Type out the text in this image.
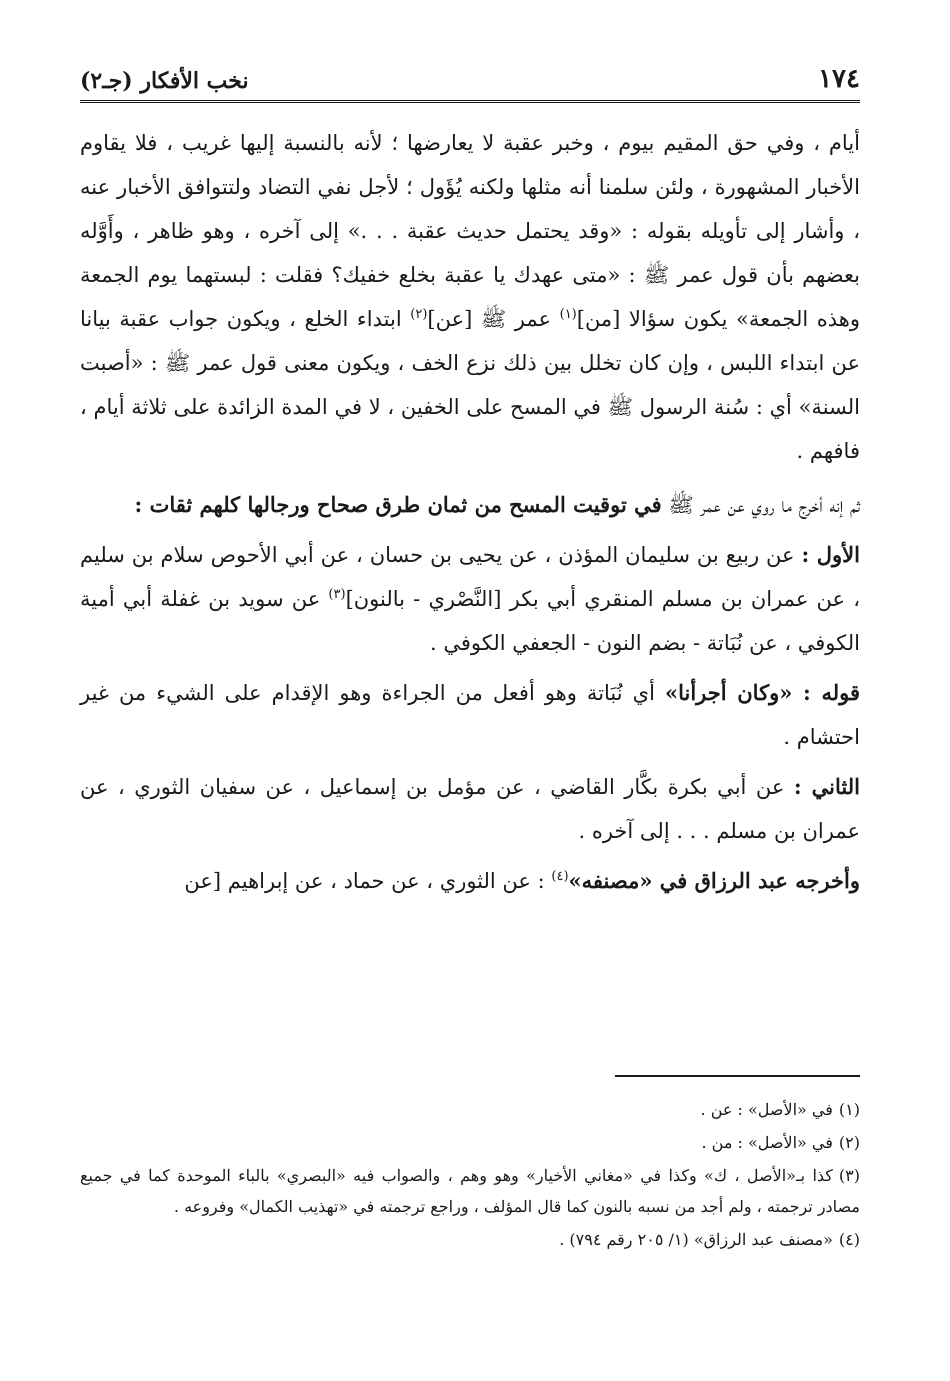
١٧٤
نخب الأفكار (جـ٢)

أيام ، وفي حق المقيم بيوم ، وخبر عقبة لا يعارضها ؛ لأنه بالنسبة إليها غريب ، فلا يقاوم الأخبار المشهورة ، ولئن سلمنا أنه مثلها ولكنه يُؤَول ؛ لأجل نفي التضاد ولتتوافق الأخبار عنه ، وأشار إلى تأويله بقوله : «وقد يحتمل حديث عقبة . . .» إلى آخره ، وهو ظاهر ، وأَوَّله بعضهم بأن قول عمر ﷺ : «متى عهدك يا عقبة بخلع خفيك؟ فقلت : لبستهما يوم الجمعة وهذه الجمعة» يكون سؤالا [من]$^{(١)}$ عمر ﷺ [عن]$^{(٢)}$ ابتداء الخلع ، ويكون جواب عقبة بيانا عن ابتداء اللبس ، وإن كان تخلل بين ذلك نزع الخف ، ويكون معنى قول عمر ﷺ : «أصبت السنة» أي : سُنة الرسول ﷺ في المسح على الخفين ، لا في المدة الزائدة على ثلاثة أيام ، فافهم .

ثم إنه أخرج ما روي عن عمر ﷺ في توقيت المسح من ثمان طرق صحاح ورجالها كلهم ثقات :

الأول : عن ربيع بن سليمان المؤذن ، عن يحيى بن حسان ، عن أبي الأحوص سلام بن سليم ، عن عمران بن مسلم المنقري أبي بكر [النَّصْري - بالنون]$^{(٣)}$ عن سويد بن غفلة أبي أمية الكوفي ، عن نُبَاتة - بضم النون - الجعفي الكوفي .

قوله : «وكان أجرأنا» أي نُبَاتة وهو أفعل من الجراءة وهو الإقدام على الشيء من غير احتشام .

الثاني : عن أبي بكرة بكَّار القاضي ، عن مؤمل بن إسماعيل ، عن سفيان الثوري ، عن عمران بن مسلم . . . إلى آخره .

وأخرجه عبد الرزاق في «مصنفه»$^{(٤)}$ : عن الثوري ، عن حماد ، عن إبراهيم [عن

(١)في «الأصل» : عن .

(٢)في «الأصل» : من .

(٣)كذا بـ«الأصل ، ك» وكذا في «مغاني الأخيار» وهو وهم ، والصواب فيه «البصري» بالباء الموحدة كما في جميع مصادر ترجمته ، ولم أجد من نسبه بالنون كما قال المؤلف ، وراجع ترجمته في «تهذيب الكمال» وفروعه .

(٤)«مصنف عبد الرزاق» (١/ ٢٠٥ رقم ٧٩٤) .
